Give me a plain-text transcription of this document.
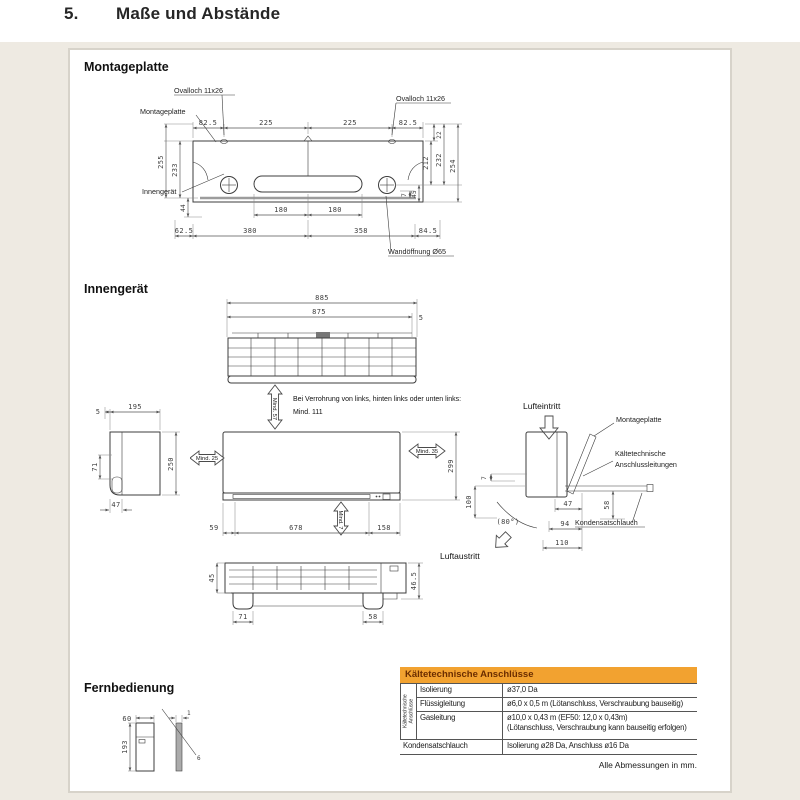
5. Maße und Abstände
Montageplatte
Innengerät
Fernbedienung
82.5	225	225	82.5
22
212 232 254
7 45
255
233
44	180	180
62.5	380	358	84.5
Ovalloch 11x26
Ovalloch 11x26
Montageplatte
Innengerät
Wandöffnung Ø65
885
875
5
5
195
71	250
47
Mind. 57
Mind. 25
Mind. 35
Mind. 7
Bei Verrohrung von links, hinten links oder unten links:
Mind. 111
299
59	678	158
Lufteintritt
Montageplatte
Kältetechnische
Anschlussleitungen
Kondensatschlauch
7
100
(80°)
47
94
110
58
Luftaustritt
45	46.5
71	58
60
193
1
6
Kältetechnische Anschlüsse
Kältetechnische Anschlüsse
Isolierung	ø37,0 Da
Flüssigleitung	ø6,0 x 0,5 m (Lötanschluss, Verschraubung bauseitig)
Gasleitung	ø10,0 x 0,43 m (EF50: 12,0 x 0,43m)
(Lötanschluss, Verschraubung kann bauseitig erfolgen)
Kondensatschlauch	Isolierung ø28 Da, Anschluss ø16 Da
Alle Abmessungen in mm.
